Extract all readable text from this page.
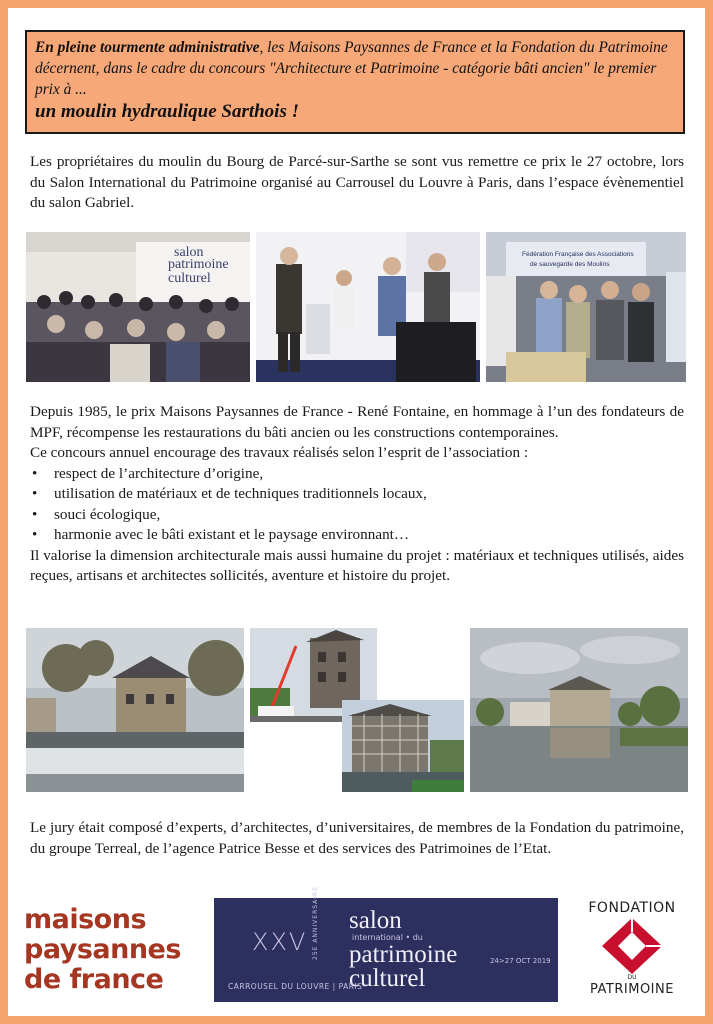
En pleine tourmente administrative, les Maisons Paysannes de France et la Fondation du Patrimoine décernent, dans le cadre du concours "Architecture et Patrimoine - catégorie bâti ancien" le premier prix à ...
un moulin hydraulique Sarthois !
Les propriétaires du moulin du Bourg de Parcé-sur-Sarthe se sont vus remettre ce prix le 27 octobre, lors du Salon International du Patrimoine organisé au Carrousel du Louvre à Paris, dans l’espace évènementiel du salon Gabriel.
salon
patrimoine
culturel
Fédération Française des Associations
de sauvegarde des Moulins
Depuis 1985, le prix Maisons Paysannes de France - René Fontaine, en hommage à l’un des fondateurs de MPF, récompense les restaurations du bâti ancien ou les constructions contemporaines.
Ce concours annuel encourage des travaux réalisés selon l’esprit de l’association :
• respect de l’architecture d’origine,
• utilisation de matériaux et de techniques traditionnels locaux,
• souci écologique,
• harmonie avec le bâti existant et le paysage environnant…
Il valorise la dimension architecturale mais aussi humaine du projet : matériaux et techniques utilisés, aides reçues, artisans et architectes sollicités, aventure et histoire du projet.
Le jury était composé d’experts, d’architectes, d’universitaires, de membres de la Fondation du patrimoine, du groupe Terreal, de l’agence Patrice Besse et des services des Patrimoines de l’Etat.
maisons
paysannes
de france
XXV 25E ANNIVERSAIRE salon
international • du
patrimoine
culturel
24>27 OCT 2019
CARROUSEL DU LOUVRE | PARIS
FONDATION
DU
PATRIMOINE
